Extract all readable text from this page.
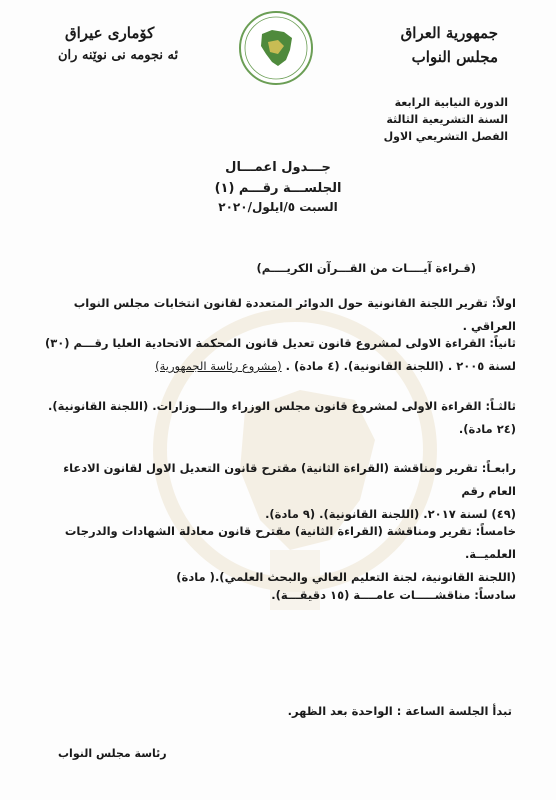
جمهورية العراق
مجلس النواب
کۆماری عیراق
ئه نجومه نی نوێنه ران
الدورة النيابية الرابعة
السنة التشريعية الثالثة
الفصل التشريعي الاول
جـــدول اعمـــال
الجلســـة رقـــم (١)
السبت ٥/ايلول/٢٠٢٠
(قـراءة آيــــات من القـــرآن الكريــــم)
اولاً: تقرير اللجنة القانونية حول الدوائر المتعددة لقانون انتخابات مجلس النواب العراقي .
ثانياً: القراءة الاولى لمشروع قانون تعديل قانون المحكمة الاتحادية العليا رقـــم (٣٠)
لسنة ٢٠٠٥ . (اللجنة القانونية). (٤ مادة) . (مشروع رئاسة الجمهورية)
ثالثـاً: القراءة الاولى لمشروع قانون مجلس الوزراء والــــوزارات. (اللجنة القانونية).
(٢٤ مادة).
رابعـاً: تقرير ومناقشة (القراءة الثانية) مقترح قانون التعديل الاول لقانون الادعاء العام رقم
(٤٩) لسنة ٢٠١٧. (اللجنة القانونية). (٩ مادة).
خامساً: تقرير ومناقشة (القراءة الثانية) مقترح قانون معادلة الشهادات والدرجات العلميــة.
(اللجنة القانونية، لجنة التعليم العالي والبحث العلمي).( مادة)
سادساً: مناقشـــــات عامــــة (١٥ دقيقـــة).
تبدأ الجلسة الساعة : الواحدة بعد الظهر.
رئاسة مجلس النواب
